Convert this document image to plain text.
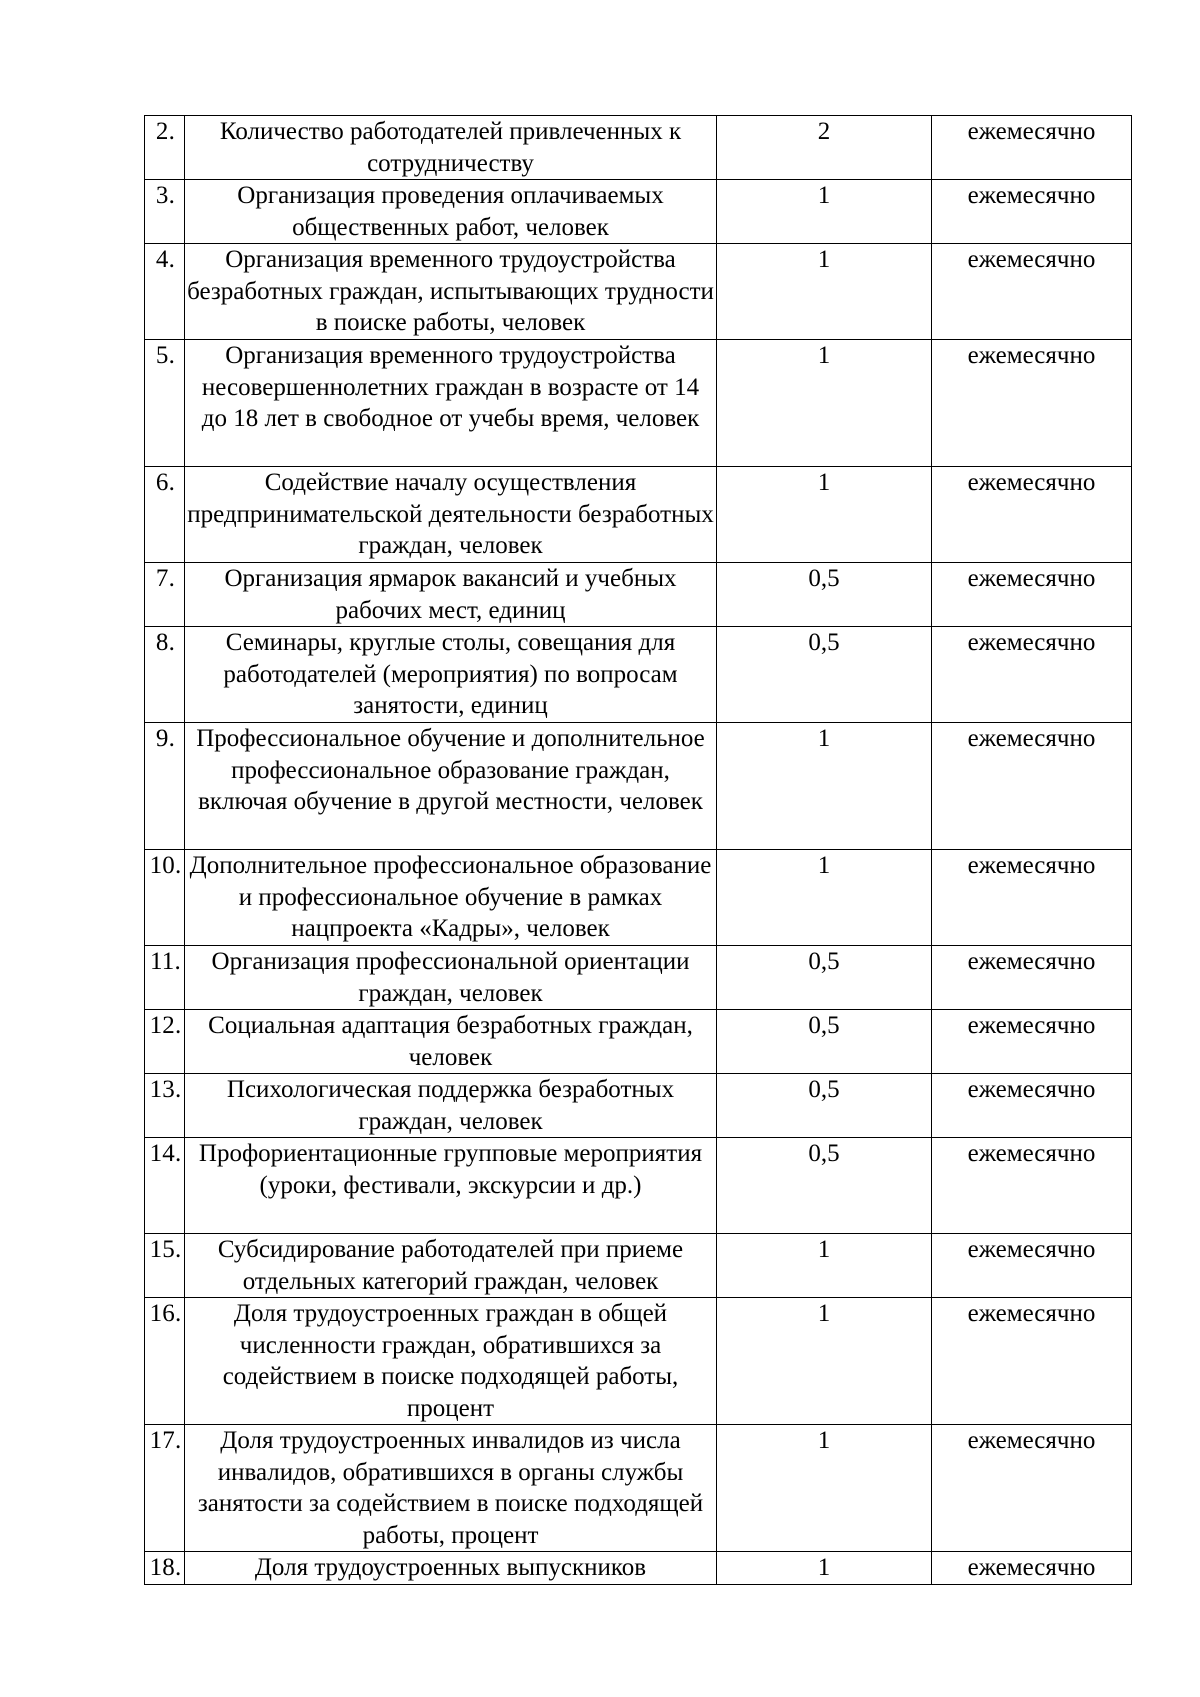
2.	Количество работодателей привлеченных к сотрудничеству	2	ежемесячно
3.	Организация проведения оплачиваемых общественных работ, человек	1	ежемесячно
4.	Организация временного трудоустройства безработных граждан, испытывающих трудности в поиске работы, человек	1	ежемесячно
5.	Организация временного трудоустройства несовершеннолетних граждан в возрасте от 14 до 18 лет в свободное от учебы время, человек	1	ежемесячно
6.	Содействие началу осуществления предпринимательской деятельности безработных граждан, человек	1	ежемесячно
7.	Организация ярмарок вакансий и учебных рабочих мест, единиц	0,5	ежемесячно
8.	Семинары, круглые столы, совещания для работодателей (мероприятия) по вопросам занятости, единиц	0,5	ежемесячно
9.	Профессиональное обучение и дополнительное профессиональное образование граждан, включая обучение в другой местности, человек	1	ежемесячно
10.	Дополнительное профессиональное образование и профессиональное обучение в рамках нацпроекта «Кадры», человек	1	ежемесячно
11.	Организация профессиональной ориентации граждан, человек	0,5	ежемесячно
12.	Социальная адаптация безработных граждан, человек	0,5	ежемесячно
13.	Психологическая поддержка безработных граждан, человек	0,5	ежемесячно
14.	Профориентационные групповые мероприятия (уроки, фестивали, экскурсии и др.)	0,5	ежемесячно
15.	Субсидирование работодателей при приеме отдельных категорий граждан, человек	1	ежемесячно
16.	Доля трудоустроенных граждан в общей численности граждан, обратившихся за содействием в поиске подходящей работы, процент	1	ежемесячно
17.	Доля трудоустроенных инвалидов из числа инвалидов, обратившихся в органы службы занятости за содействием в поиске подходящей работы, процент	1	ежемесячно
18.	Доля трудоустроенных выпускников	1	ежемесячно
